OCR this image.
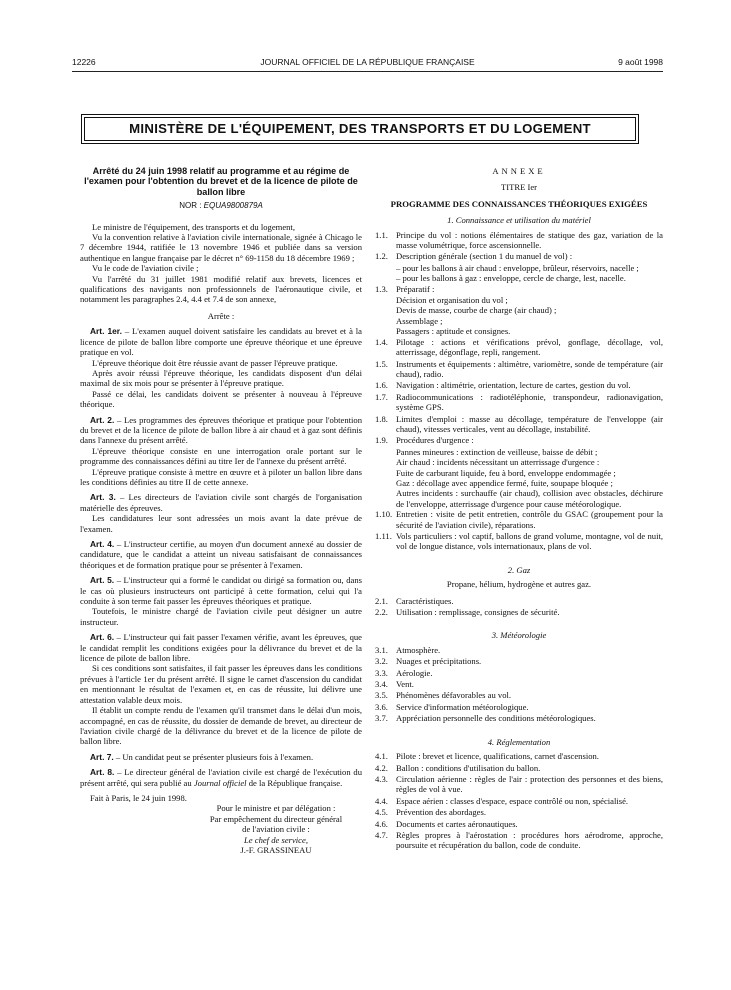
12226	JOURNAL OFFICIEL DE LA RÉPUBLIQUE FRANÇAISE	9 août 1998
MINISTÈRE DE L'ÉQUIPEMENT, DES TRANSPORTS ET DU LOGEMENT
Arrêté du 24 juin 1998 relatif au programme et au régime de l'examen pour l'obtention du brevet et de la licence de pilote de ballon libre
NOR : EQUA9800879A

Le ministre de l'équipement, des transports et du logement,

Vu la convention relative à l'aviation civile internationale, signée à Chicago le 7 décembre 1944, ratifiée le 13 novembre 1946 et publiée dans sa version authentique en langue française par le décret n° 69-1158 du 18 décembre 1969 ;

Vu le code de l'aviation civile ;

Vu l'arrêté du 31 juillet 1981 modifié relatif aux brevets, licences et qualifications des navigants non professionnels de l'aéronautique civile, et notamment les paragraphes 2.4, 4.4 et 7.4 de son annexe,

Arrête :

Art. 1er. – L'examen auquel doivent satisfaire les candidats au brevet et à la licence de pilote de ballon libre comporte une épreuve théorique et une épreuve pratique en vol.

L'épreuve théorique doit être réussie avant de passer l'épreuve pratique.

Après avoir réussi l'épreuve théorique, les candidats disposent d'un délai maximal de six mois pour se présenter à l'épreuve pratique.

Passé ce délai, les candidats doivent se présenter à nouveau à l'épreuve théorique.

Art. 2. – Les programmes des épreuves théorique et pratique pour l'obtention du brevet et de la licence de pilote de ballon libre à air chaud et à gaz sont définis dans l'annexe du présent arrêté.

L'épreuve théorique consiste en une interrogation orale portant sur le programme des connaissances défini au titre Ier de l'annexe du présent arrêté.

L'épreuve pratique consiste à mettre en œuvre et à piloter un ballon libre dans les conditions définies au titre II de cette annexe.

Art. 3. – Les directeurs de l'aviation civile sont chargés de l'organisation matérielle des épreuves.

Les candidatures leur sont adressées un mois avant la date prévue de l'examen.

Art. 4. – L'instructeur certifie, au moyen d'un document annexé au dossier de candidature, que le candidat a atteint un niveau satisfaisant de connaissances théoriques et de formation pratique pour se présenter à l'examen.

Art. 5. – L'instructeur qui a formé le candidat ou dirigé sa formation ou, dans le cas où plusieurs instructeurs ont participé à cette formation, celui qui l'a conduite à son terme fait passer les épreuves théoriques et pratique.

Toutefois, le ministre chargé de l'aviation civile peut désigner un autre instructeur.

Art. 6. – L'instructeur qui fait passer l'examen vérifie, avant les épreuves, que le candidat remplit les conditions exigées pour la délivrance du brevet et de la licence de pilote de ballon libre.

Si ces conditions sont satisfaites, il fait passer les épreuves dans les conditions prévues à l'article 1er du présent arrêté. Il signe le carnet d'ascension du candidat en mentionnant le résultat de l'examen et, en cas de réussite, lui délivre une attestation valable deux mois.

Il établit un compte rendu de l'examen qu'il transmet dans le délai d'un mois, accompagné, en cas de réussite, du dossier de demande de brevet, au directeur de l'aviation civile chargé de la délivrance du brevet et de la licence de pilote de ballon libre.

Art. 7. – Un candidat peut se présenter plusieurs fois à l'examen.

Art. 8. – Le directeur général de l'aviation civile est chargé de l'exécution du présent arrêté, qui sera publié au Journal officiel de la République française.

Fait à Paris, le 24 juin 1998.

Pour le ministre et par délégation :
Par empêchement du directeur général
de l'aviation civile :
Le chef de service,
J.-F. GRASSINEAU

ANNEXE

TITRE Ier

PROGRAMME DES CONNAISSANCES THÉORIQUES EXIGÉES

1. Connaissance et utilisation du matériel
1.1. Principe du vol : notions élémentaires de statique des gaz, variation de la masse volumétrique, force ascensionnelle.
1.2. Description générale (section 1 du manuel de vol) :
– pour les ballons à air chaud : enveloppe, brûleur, réservoirs, nacelle ;
– pour les ballons à gaz : enveloppe, cercle de charge, lest, nacelle.
1.3. Préparatif :
Décision et organisation du vol ;
Devis de masse, courbe de charge (air chaud) ;
Assemblage ;
Passagers : aptitude et consignes.
1.4. Pilotage : actions et vérifications prévol, gonflage, décollage, vol, atterrissage, dégonflage, repli, rangement.
1.5. Instruments et équipements : altimètre, variomètre, sonde de température (air chaud), radio.
1.6. Navigation : altimétrie, orientation, lecture de cartes, gestion du vol.
1.7. Radiocommunications : radiotéléphonie, transpondeur, radionavigation, système GPS.
1.8. Limites d'emploi : masse au décollage, température de l'enveloppe (air chaud), vitesses verticales, vent au décollage, instabilité.
1.9. Procédures d'urgence :
Pannes mineures : extinction de veilleuse, baisse de débit ;
Air chaud : incidents nécessitant un atterrissage d'urgence :
Fuite de carburant liquide, feu à bord, enveloppe endommagée ;
Gaz : décollage avec appendice fermé, fuite, soupape bloquée ;
Autres incidents : surchauffe (air chaud), collision avec obstacles, déchirure de l'enveloppe, atterrissage d'urgence pour cause météorologique.
1.10. Entretien : visite de petit entretien, contrôle du GSAC (groupement pour la sécurité de l'aviation civile), réparations.
1.11. Vols particuliers : vol captif, ballons de grand volume, montagne, vol de nuit, vol de longue distance, vols internationaux, plans de vol.
2. Gaz
Propane, hélium, hydrogène et autres gaz.
2.1. Caractéristiques.
2.2. Utilisation : remplissage, consignes de sécurité.
3. Météorologie
3.1. Atmosphère.
3.2. Nuages et précipitations.
3.3. Aérologie.
3.4. Vent.
3.5. Phénomènes défavorables au vol.
3.6. Service d'information météorologique.
3.7. Appréciation personnelle des conditions météorologiques.
4. Réglementation
4.1. Pilote : brevet et licence, qualifications, carnet d'ascension.
4.2. Ballon : conditions d'utilisation du ballon.
4.3. Circulation aérienne : règles de l'air : protection des personnes et des biens, règles de vol à vue.
4.4. Espace aérien : classes d'espace, espace contrôlé ou non, spécialisé.
4.5. Prévention des abordages.
4.6. Documents et cartes aéronautiques.
4.7. Règles propres à l'aérostation : procédures hors aérodrome, approche, poursuite et récupération du ballon, code de conduite.
